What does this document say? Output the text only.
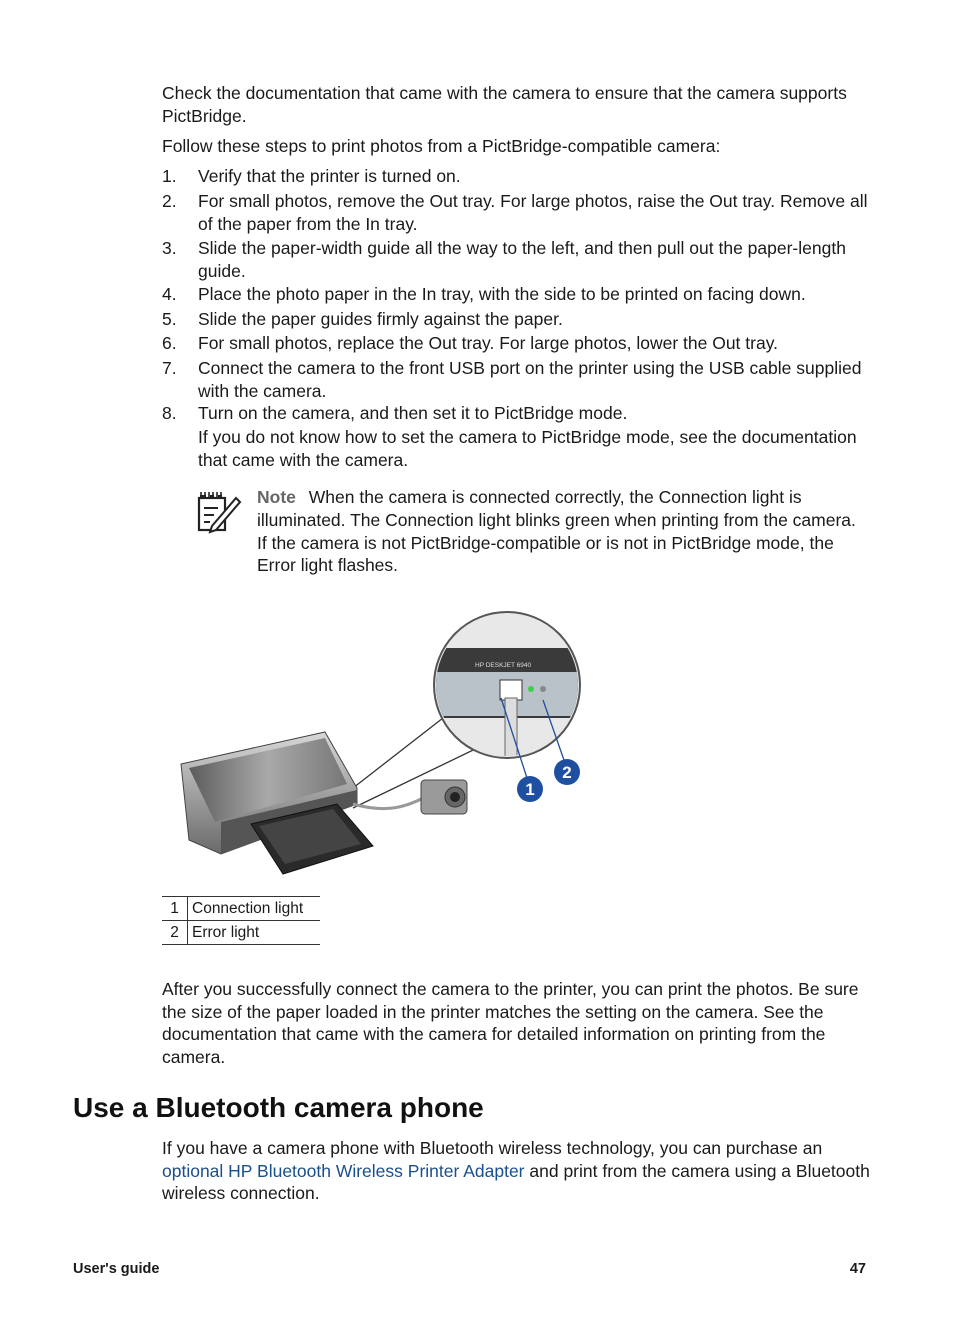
Check the documentation that came with the camera to ensure that the camera supports PictBridge.

Follow these steps to print photos from a PictBridge-compatible camera:

1.	Verify that the printer is turned on.
2.	For small photos, remove the Out tray. For large photos, raise the Out tray. Remove all of the paper from the In tray.
3.	Slide the paper-width guide all the way to the left, and then pull out the paper-length guide.
4.	Place the photo paper in the In tray, with the side to be printed on facing down.
5.	Slide the paper guides firmly against the paper.
6.	For small photos, replace the Out tray. For large photos, lower the Out tray.
7.	Connect the camera to the front USB port on the printer using the USB cable supplied with the camera.
8.	Turn on the camera, and then set it to PictBridge mode.
If you do not know how to set the camera to PictBridge mode, see the documentation that came with the camera.
Note When the camera is connected correctly, the Connection light is illuminated. The Connection light blinks green when printing from the camera. If the camera is not PictBridge-compatible or is not in PictBridge mode, the Error light flashes.
HP DESKJET 6940
1
2
1	Connection light
2	Error light

After you successfully connect the camera to the printer, you can print the photos. Be sure the size of the paper loaded in the printer matches the setting on the camera. See the documentation that came with the camera for detailed information on printing from the camera.

Use a Bluetooth camera phone

If you have a camera phone with Bluetooth wireless technology, you can purchase an optional HP Bluetooth Wireless Printer Adapter and print from the camera using a Bluetooth wireless connection.

User's guide	47
